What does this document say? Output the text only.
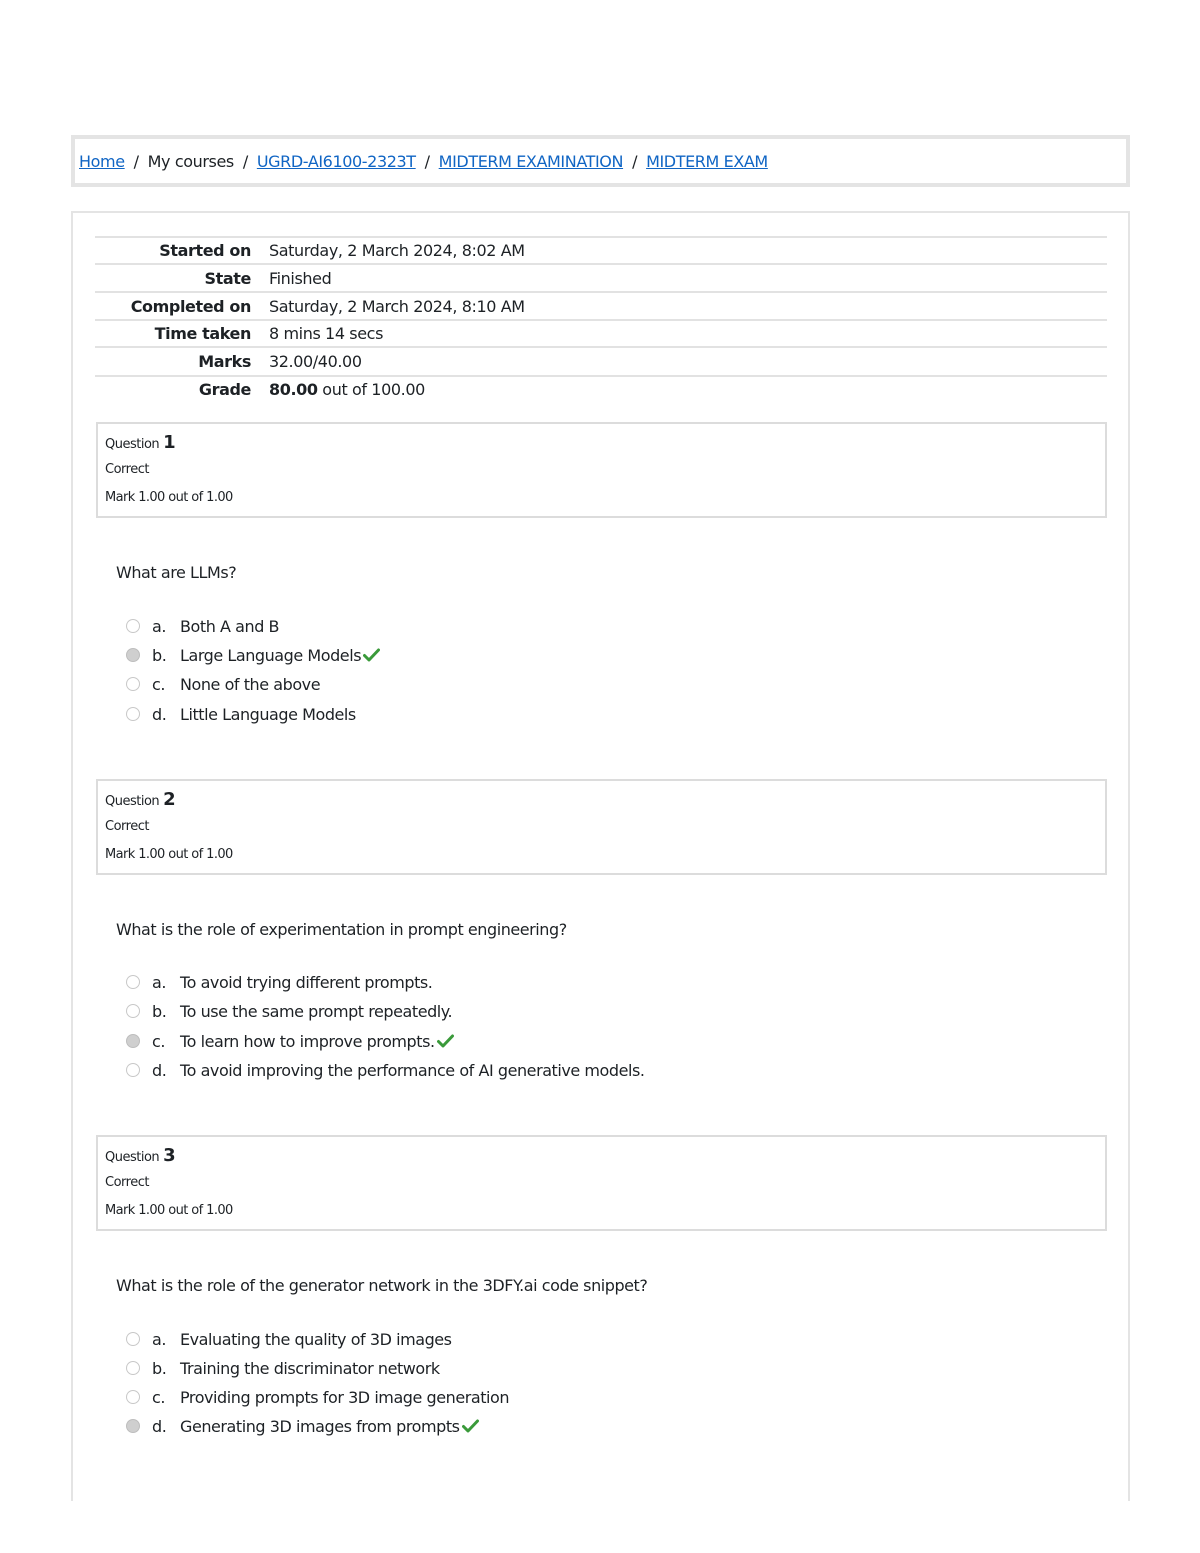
Home / My courses / UGRD-AI6100-2323T / MIDTERM EXAMINATION / MIDTERM EXAM
Started on	Saturday, 2 March 2024, 8:02 AM
State	Finished
Completed on	Saturday, 2 March 2024, 8:10 AM
Time taken	8 mins 14 secs
Marks	32.00/40.00
Grade	80.00 out of 100.00
Question 1
Correct
Mark 1.00 out of 1.00
What are LLMs?
a. Both A and B
b. Large Language Models
c. None of the above
d. Little Language Models
Question 2
Correct
Mark 1.00 out of 1.00
What is the role of experimentation in prompt engineering?
a. To avoid trying different prompts.
b. To use the same prompt repeatedly.
c. To learn how to improve prompts.
d. To avoid improving the performance of AI generative models.
Question 3
Correct
Mark 1.00 out of 1.00
What is the role of the generator network in the 3DFY.ai code snippet?
a. Evaluating the quality of 3D images
b. Training the discriminator network
c. Providing prompts for 3D image generation
d. Generating 3D images from prompts
